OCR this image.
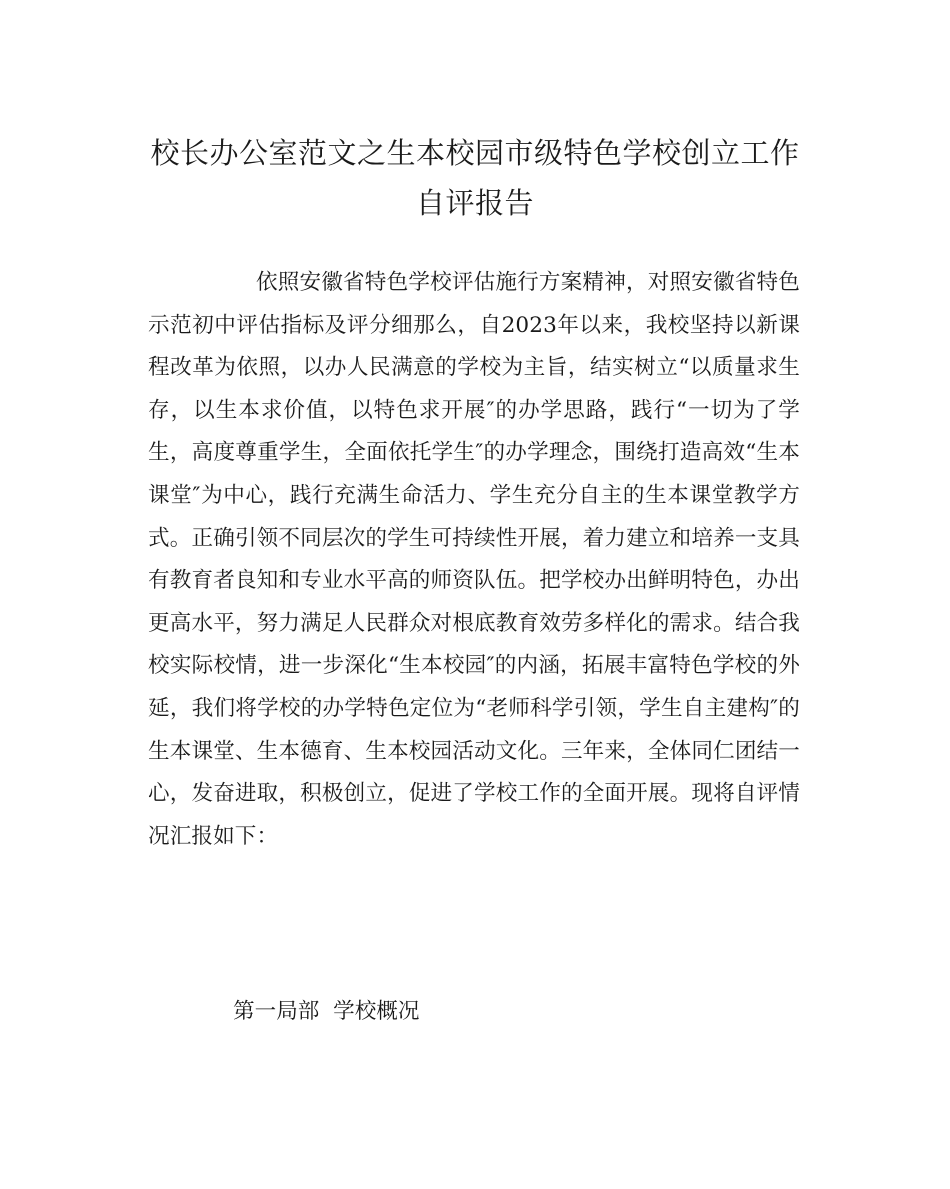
校长办公室范文之生本校园市级特色学校创立工作自评报告

依照安徽省特色学校评估施行方案精神，对照安徽省特色示范初中评估指标及评分细那么，自2023年以来，我校坚持以新课程改革为依照，以办人民满意的学校为主旨，结实树立“以质量求生存，以生本求价值，以特色求开展″的办学思路，践行“一切为了学生，高度尊重学生，全面依托学生″的办学理念，围绕打造高效“生本课堂″为中心，践行充满生命活力、学生充分自主的生本课堂教学方式。正确引领不同层次的学生可持续性开展，着力建立和培养一支具有教育者良知和专业水平高的师资队伍。把学校办出鲜明特色，办出更高水平，努力满足人民群众对根底教育效劳多样化的需求。结合我校实际校情，进一步深化“生本校园″的内涵，拓展丰富特色学校的外延，我们将学校的办学特色定位为“老师科学引领，学生自主建构″的生本课堂、生本德育、生本校园活动文化。三年来，全体同仁团结一心，发奋进取，积极创立，促进了学校工作的全面开展。现将自评情况汇报如下：

第一局部  学校概况
